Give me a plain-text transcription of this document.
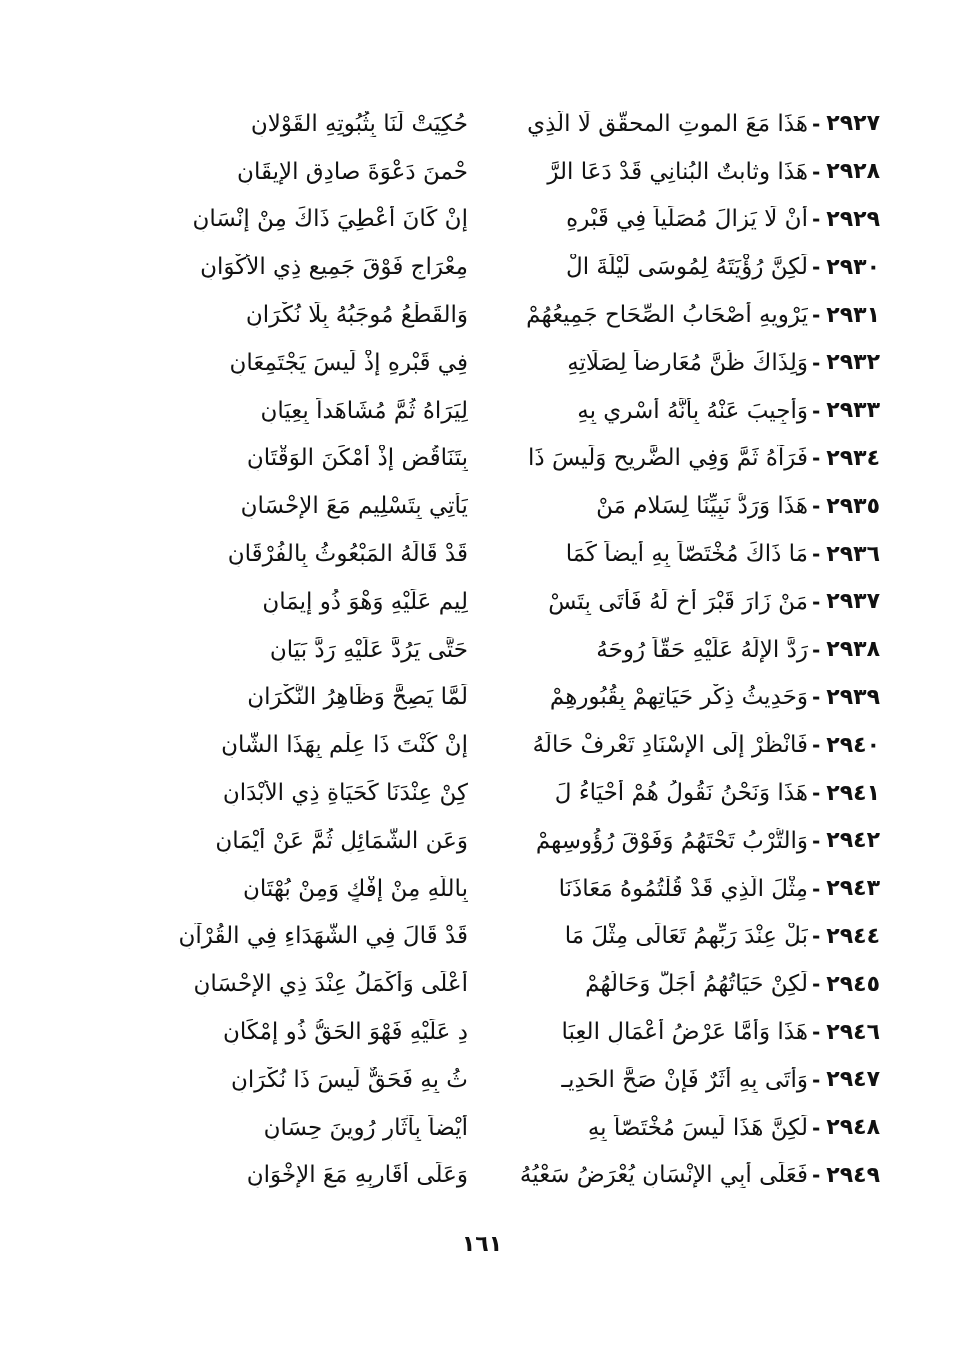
٢٩٢٧
-
هَذَا مَعَ الموتِ المحقَّقِ لَا الّذِي
حُكِيَتْ لَنَا بِثُبُوتِهِ القَوْلانِ
٢٩٢٨
-
هَذَا وثابتٌ البُنانِي قَدْ دَعَا الرَّ
حْمنَ دَعْوَةَ صادِقِ الإيقَانِ
٢٩٢٩
-
أنْ لَا يَزالَ مُصَلِّياً فِي قَبْرِهِ
إنْ كَانَ أُعْطِيَ ذَاكَ مِنْ إنْسَانِ
٢٩٣٠
-
لَكِنَّ رُؤْيَتَهُ لِمُوسَى لَيْلَةَ الْ
مِعْرَاجِ فَوْقَ جَمِيعِ ذِي الأكْوَانِ
٢٩٣١
-
يَرْوِيهِ أصْحَابُ الصِّحَاحِ جَمِيعُهُمْ
وَالقَطْعُ مُوجَبُهُ بِلَا نُكْرَانِ
٢٩٣٢
-
وَلِذَاكَ ظُنَّ مُعَارِضاً لِصَلَاتِهِ
فِي قَبْرِهِ إذْ لَيسَ يَجْتَمِعَانِ
٢٩٣٣
-
وَأُجِيبَ عَنْهُ بِأنَّهُ أُسْرِي بِهِ
لِيَرَاهُ ثُمَّ مُشَاهَداً بِعِيَانِ
٢٩٣٤
-
فَرَآهُ ثَمَّ وَفِي الضَّرِيحِ وَلَيسَ ذَا
بِتَنَاقُضٍ إذْ أمْكَنَ الوَقْتَانِ
٢٩٣٥
-
هَذَا وَرَدُّ نَبِيِّنَا لِسَلامِ مَنْ
يَأتِي بِتَسْلِيمٍ مَعَ الإحْسَانِ
٢٩٣٦
-
مَا ذَاكَ مُخْتَصّاً بِهِ أيضاً كَمَا
قَدْ قَالَهُ المَبْعُوثُ بِالفُرْقَانِ
٢٩٣٧
-
مَنْ زَارَ قَبْرَ أخٍ لَهُ فَأتَى بِتَسْ
لِيمٍ عَلَيْهِ وَهْوَ ذُو إيمَانِ
٢٩٣٨
-
رَدَّ الإلَهُ عَلَيْهِ حَقّاً رُوحَهُ
حَتَّى يَرُدَّ عَلَيْهِ رَدَّ بَيَانِ
٢٩٣٩
-
وَحَدِيثُ ذِكْرِ حَيَاتِهِمْ بِقُبُورِهِمْ
لَمَّا يَصِحَّ وَظَاهِرُ النُّكْرَانِ
٢٩٤٠
-
فَانْظُرْ إلَى الإسْنَادِ تَعْرِفْ حَالَهُ
إنْ كُنْتَ ذَا عِلْمٍ بِهَذَا الشَّانِ
٢٩٤١
-
هَذَا وَنَحْنُ نَقُولُ هُمْ أحْيَاءُ لَ
كِنْ عِنْدَنَا كَحَيَاةِ ذِي الأبْدَانِ
٢٩٤٢
-
وَالتُّرْبُ تَحْتَهُمُ وَفَوْقَ رُؤُوسِهِمْ
وَعَنِ الشَّمَائِلِ ثُمَّ عَنْ أيْمَانِ
٢٩٤٣
-
مِثْلَ الَّذِي قَدْ قُلْتُمُوهُ مَعَاذَنَا
بِاللَّهِ مِنْ إفْكٍ وَمِنْ بُهْتَانِ
٢٩٤٤
-
بَلْ عِنْدَ رَبِّهِمُ تَعَالَى مِثْلَ مَا
قَدْ قَالَ فِي الشُّهَدَاءِ فِي القُرْآنِ
٢٩٤٥
-
لَكِنْ حَيَاتُهُمُ أجَلُّ وَحَالُهُمْ
أعْلَى وَأكْمَلُ عِنْدَ ذِي الإحْسَانِ
٢٩٤٦
-
هَذَا وَأمَّا عَرْضُ أعْمَالِ العِبَا
دِ عَلَيْهِ فَهْوَ الحَقُّ ذُو إمْكَانِ
٢٩٤٧
-
وَأتَى بِهِ أثَرٌ فَإنْ صَحَّ الحَدِيـ
ثُ بِهِ فَحَقٌّ لَيسَ ذَا نُكْرَانِ
٢٩٤٨
-
لَكِنَّ هَذَا لَيسَ مُخْتَصّاً بِهِ
أيْضاً بِآثَارٍ رُوِينَ حِسَانِ
٢٩٤٩
-
فَعَلَى أبِي الإنْسَانِ يُعْرَضُ سَعْيُهُ
وَعَلَى أقَارِبِهِ مَعَ الإخْوَانِ
١٦١
